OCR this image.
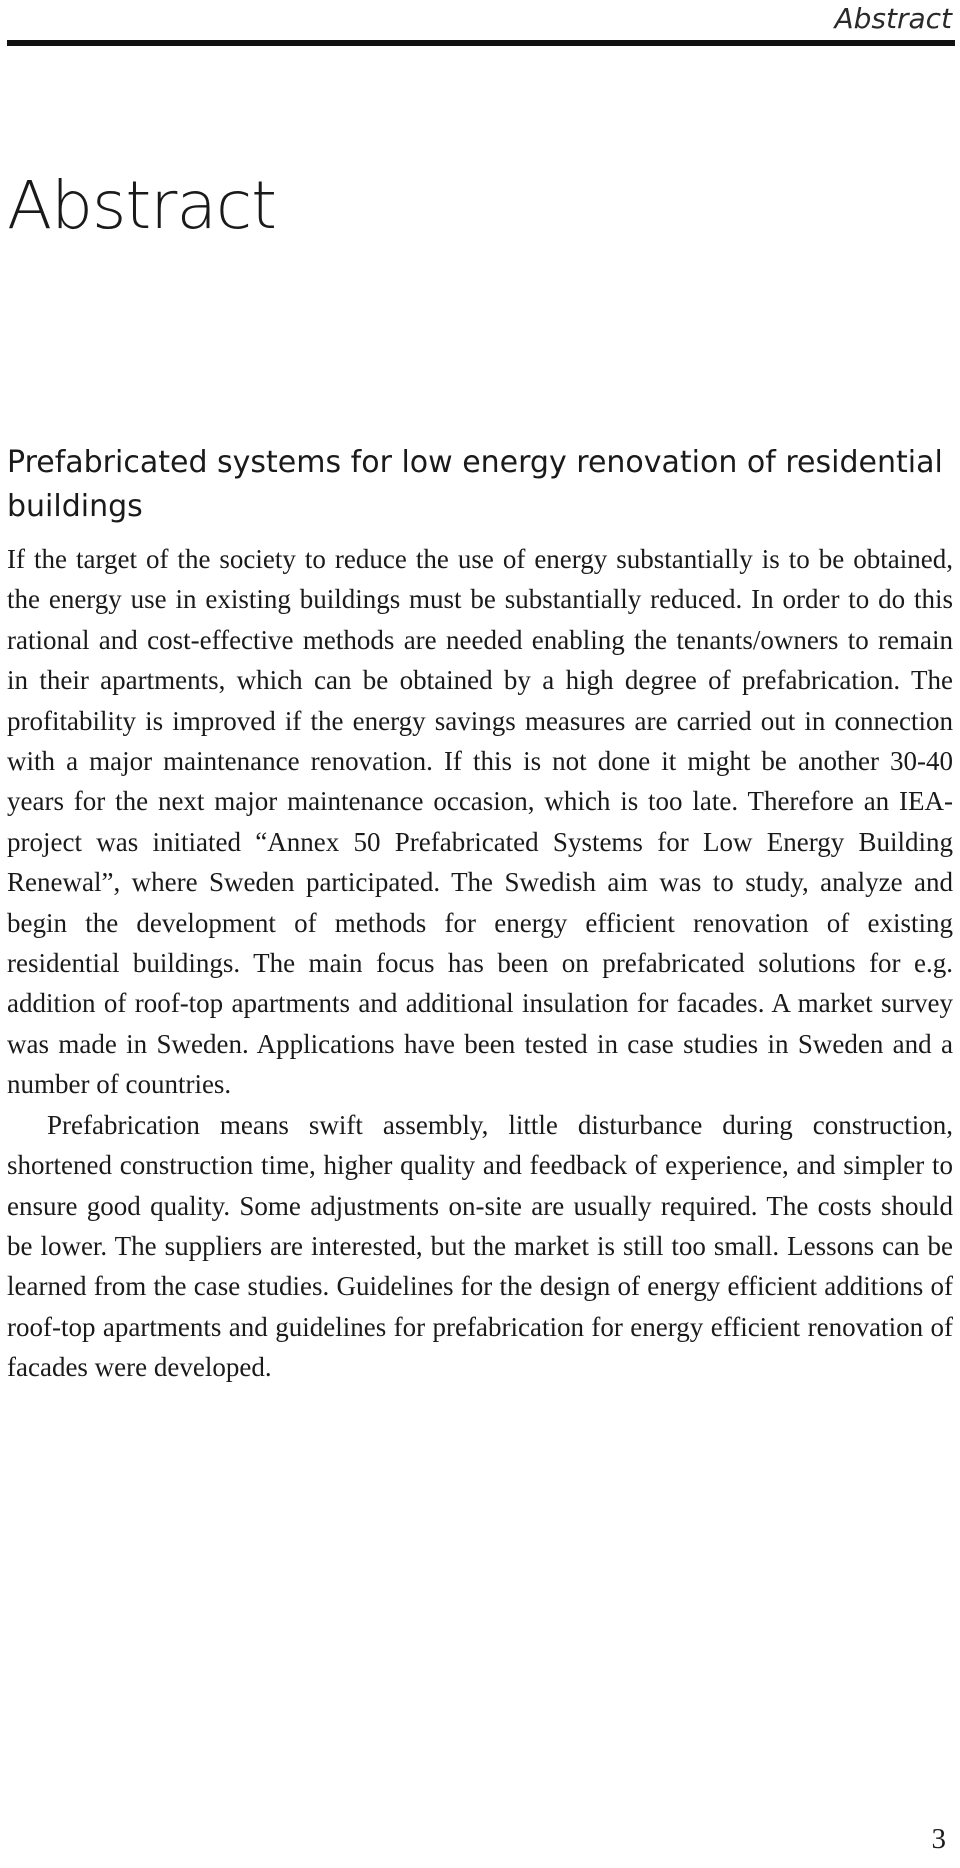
Abstract
Abstract
Prefabricated systems for low energy renovation of residential buildings

If the target of the society to reduce the use of energy substantially is to be obtained, the energy use in existing buildings must be substantially reduced. In order to do this rational and cost-effective methods are needed enabling the tenants/owners to remain in their apartments, which can be obtained by a high degree of prefabrication. The profitability is improved if the energy savings measures are carried out in connection with a major maintenance renovation. If this is not done it might be another 30-40 years for the next major maintenance occasion, which is too late. Therefore an IEA-project was initiated “Annex 50 Prefabricated Systems for Low Energy Building Renewal”, where Sweden participated. The Swedish aim was to study, analyze and begin the development of methods for energy efficient renovation of existing residential buildings. The main focus has been on prefabricated solutions for e.g. addition of roof-top apartments and additional insulation for facades. A market survey was made in Sweden. Applications have been tested in case studies in Sweden and a number of countries.

Prefabrication means swift assembly, little disturbance during construction, shortened construction time, higher quality and feedback of experience, and simpler to ensure good quality. Some adjustments on-site are usually required. The costs should be lower. The suppliers are interested, but the market is still too small. Lessons can be learned from the case studies. Guidelines for the design of energy efficient additions of roof-top apartments and guidelines for prefabrication for energy efficient renovation of facades were developed.

3
